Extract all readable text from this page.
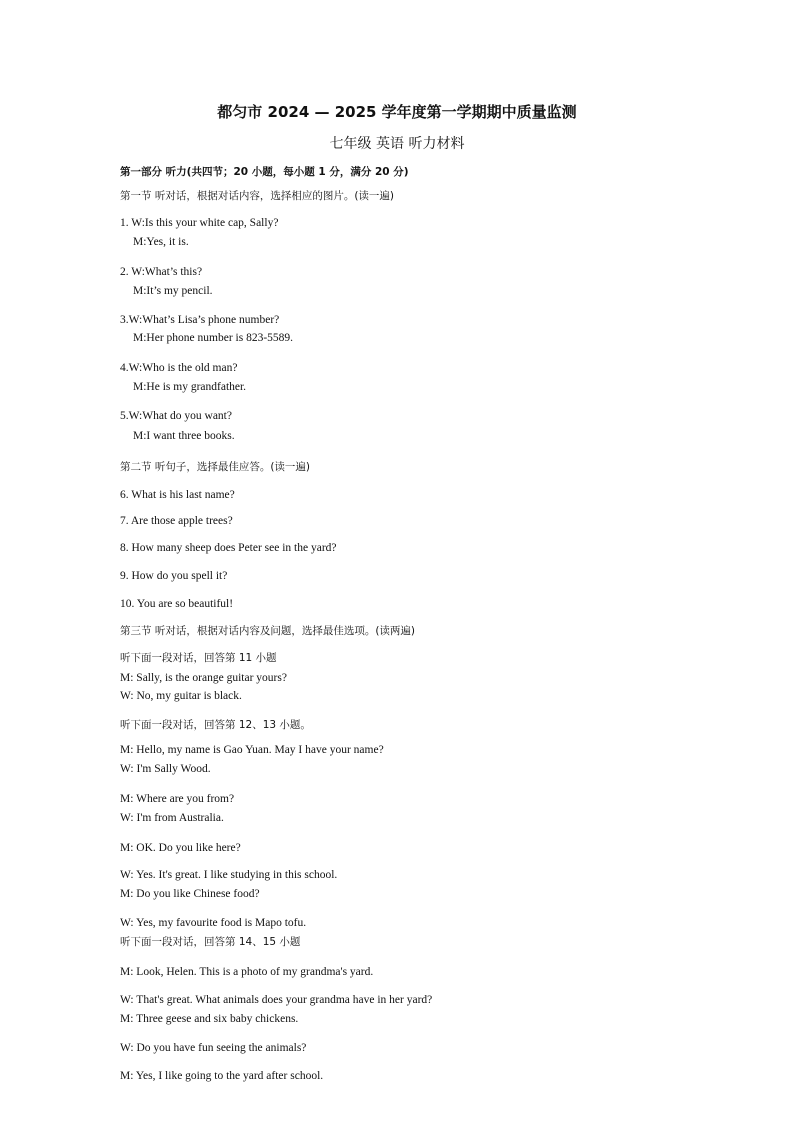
都匀市 2024 — 2025 学年度第一学期期中质量监测
七年级 英语 听力材料
第一部分 听力(共四节；20 小题，每小题 1 分，满分 20 分)
第一节 听对话，根据对话内容，选择相应的图片。(读一遍)
1. W:Is this your white cap, Sally?
M:Yes, it is.
2. W:What’s this?
M:It’s my pencil.
3.W:What’s Lisa’s phone number?
M:Her phone number is 823-5589.
4.W:Who is the old man?
M:He is my grandfather.
5.W:What do you want?
M:I want three books.
第二节 听句子，选择最佳应答。(读一遍)
6. What is his last name?
7. Are those apple trees?
8. How many sheep does Peter see in the yard?
9. How do you spell it?
10. You are so beautiful!
第三节 听对话，根据对话内容及问题，选择最佳选项。(读两遍)
听下面一段对话，回答第 11 小题
M: Sally, is the orange guitar yours?
W: No, my guitar is black.
听下面一段对话，回答第 12、13 小题。
M: Hello, my name is Gao Yuan. May I have your name?
W: I'm Sally Wood.
M: Where are you from?
W: I'm from Australia.
M: OK. Do you like here?
W: Yes. It's great. I like studying in this school.
M: Do you like Chinese food?
W: Yes, my favourite food is Mapo tofu.
听下面一段对话，回答第 14、15 小题
M: Look, Helen. This is a photo of my grandma's yard.
W: That's great. What animals does your grandma have in her yard?
M: Three geese and six baby chickens.
W: Do you have fun seeing the animals?
M: Yes, I like going to the yard after school.
